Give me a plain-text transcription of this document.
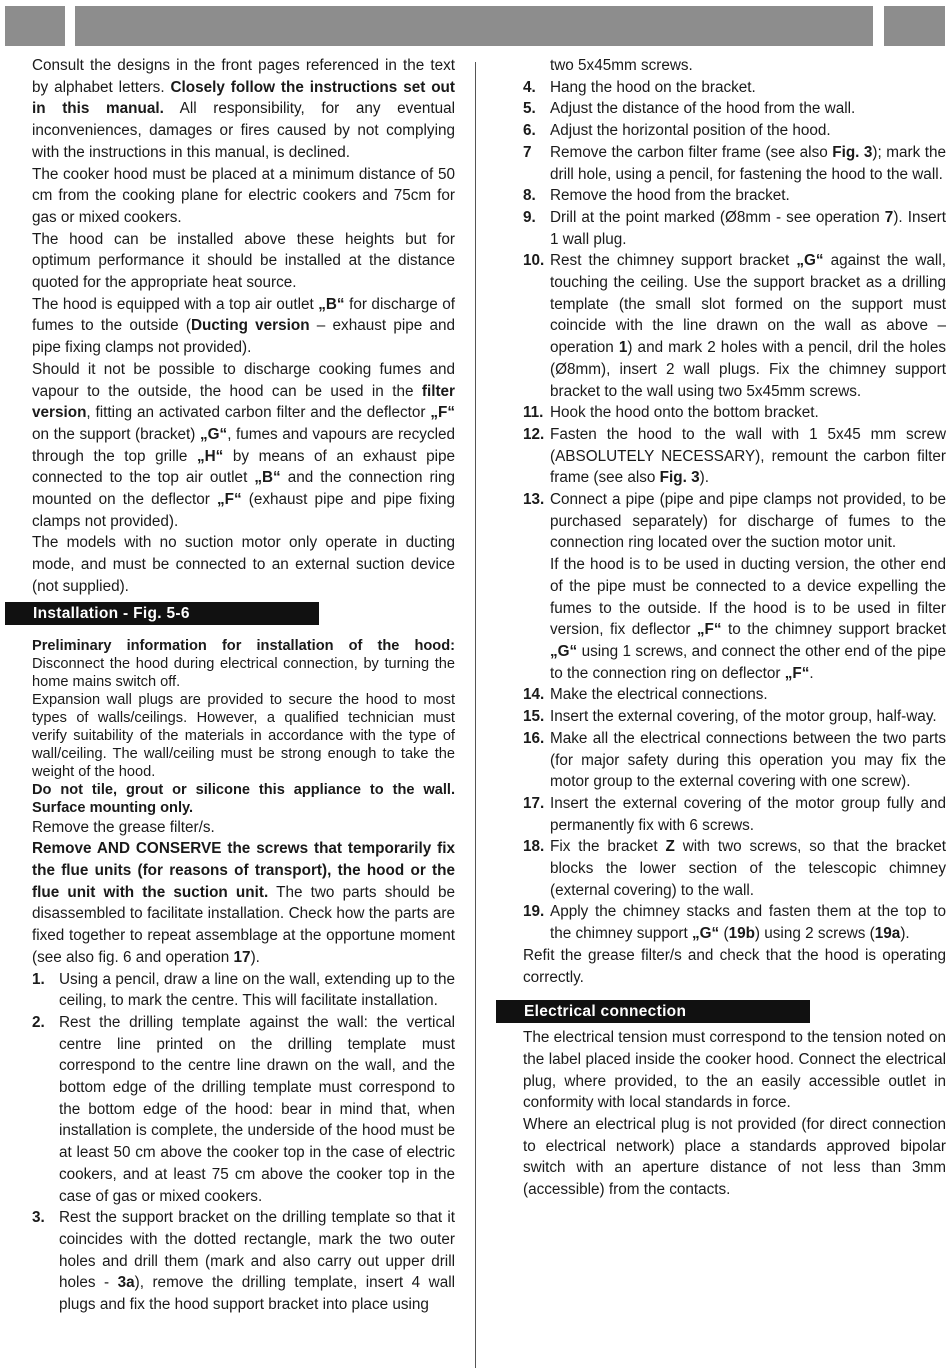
Consult the designs in the front pages referenced in the text by alphabet letters. Closely follow the instructions set out in this manual. All responsibility, for any eventual inconveniences, damages or fires caused by not complying with the instructions in this manual, is declined.

The cooker hood must be placed at a minimum distance of 50 cm from the cooking plane for electric cookers and 75cm for gas or mixed cookers.

The hood can be installed above these heights but for optimum performance it should be installed at the distance quoted for the appropriate heat source.

The hood is equipped with a top air outlet „B“ for discharge of fumes to the outside (Ducting version – exhaust pipe and pipe fixing clamps not provided).

Should it not be possible to discharge cooking fumes and vapour to the outside, the hood can be used in the filter version, fitting an activated carbon filter and the deflector „F“ on the support (bracket) „G“, fumes and vapours are recycled through the top grille „H“ by means of an exhaust pipe connected to the top air outlet „B“ and the connection ring mounted on the deflector „F“ (exhaust pipe and pipe fixing clamps not provided).

The models with no suction motor only operate in ducting mode, and must be connected to an external suction device (not supplied).

Installation - Fig. 5-6

Preliminary information for installation of the hood: Disconnect the hood during electrical connection, by turning the home mains switch off.

Expansion wall plugs are provided to secure the hood to most types of walls/ceilings. However, a qualified technician must verify suitability of the materials in accordance with the type of wall/ceiling. The wall/ceiling must be strong enough to take the weight of the hood.

Do not tile, grout or silicone this appliance to the wall. Surface mounting only.

Remove the grease filter/s.

Remove AND CONSERVE the screws that temporarily fix the flue units (for reasons of transport), the hood or the flue unit with the suction unit. The two parts should be disassembled to facilitate installation. Check how the parts are fixed together to repeat assemblage at the opportune moment (see also fig. 6 and operation 17).

1. Using a pencil, draw a line on the wall, extending up to the ceiling, to mark the centre. This will facilitate installation.
2. Rest the drilling template against the wall: the vertical centre line printed on the drilling template must correspond to the centre line drawn on the wall, and the bottom edge of the drilling template must correspond to the bottom edge of the hood: bear in mind that, when installation is complete, the underside of the hood must be at least 50 cm above the cooker top in the case of electric cookers, and at least 75 cm above the cooker top in the case of gas or mixed cookers.
3. Rest the support bracket on the drilling template so that it coincides with the dotted rectangle, mark the two outer holes and drill them (mark and also carry out upper drill holes - 3a), remove the drilling template, insert 4 wall plugs and fix the hood support bracket into place using

two 5x45mm screws.

4. Hang the hood on the bracket.
5. Adjust the distance of the hood from the wall.
6. Adjust the horizontal position of the hood.
7 Remove the carbon filter frame (see also Fig. 3); mark the drill hole, using a pencil, for fastening the hood to the wall.
8. Remove the hood from the bracket.
9. Drill at the point marked (Ø8mm - see operation 7). Insert 1 wall plug.
10. Rest the chimney support bracket „G“ against the wall, touching the ceiling. Use the support bracket as a drilling template (the small slot formed on the support must coincide with the line drawn on the wall as above – operation 1) and mark 2 holes with a pencil, dril the holes (Ø8mm), insert 2 wall plugs. Fix the chimney support bracket to the wall using two 5x45mm screws.
11. Hook the hood onto the bottom bracket.
12. Fasten the hood to the wall with 1 5x45 mm screw (ABSOLUTELY NECESSARY), remount the carbon filter frame (see also Fig. 3).
13. Connect a pipe (pipe and pipe clamps not provided, to be purchased separately) for discharge of fumes to the connection ring located over the suction motor unit.

If the hood is to be used in ducting version, the other end of the pipe must be connected to a device expelling the fumes to the outside. If the hood is to be used in filter version, fix deflector „F“ to the chimney support bracket „G“ using 1 screws, and connect the other end of the pipe to the connection ring on deflector „F“.

14. Make the electrical connections.
15. Insert the external covering, of the motor group, half-way.
16. Make all the electrical connections between the two parts (for major safety during this operation you may fix the motor group to the external covering with one screw).
17. Insert the external covering of the motor group fully and permanently fix with 6 screws.
18. Fix the bracket Z with two screws, so that the bracket blocks the lower section of the telescopic chimney (external covering) to the wall.
19. Apply the chimney stacks and fasten them at the top to the chimney support „G“ (19b) using 2 screws (19a).

Refit the grease filter/s and check that the hood is operating correctly.

Electrical connection

The electrical tension must correspond to the tension noted on the label placed inside the cooker hood. Connect the electrical plug, where provided, to the an easily accessible outlet in conformity with local standards in force.

Where an electrical plug is not provided (for direct connection to electrical network) place a standards approved bipolar switch with an aperture distance of not less than 3mm (accessible) from the contacts.
